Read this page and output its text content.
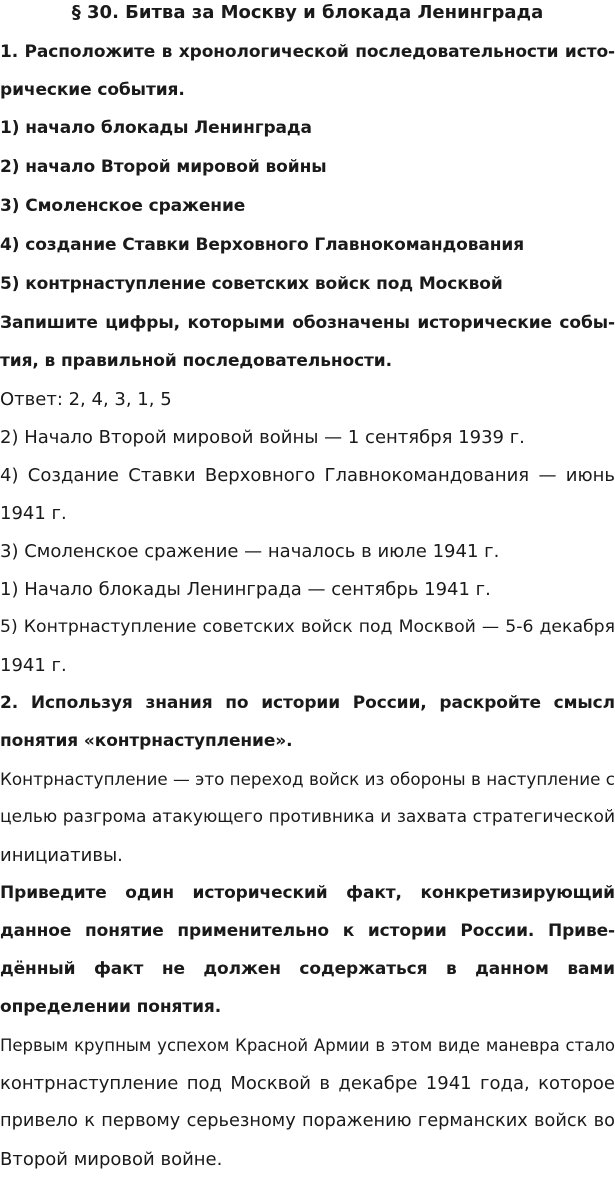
§ 30. Битва за Москву и блокада Ленинграда
1. Расположите в хронологической последовательности исто-
рические события.
1) начало блокады Ленинграда
2) начало Второй мировой войны
3) Смоленское сражение
4) создание Ставки Верховного Главнокомандования
5) контрнаступление советских войск под Москвой
Запишите цифры, которыми обозначены исторические собы-
тия, в правильной последовательности.
Ответ: 2, 4, 3, 1, 5
2) Начало Второй мировой войны — 1 сентября 1939 г.
4) Создание Ставки Верховного Главнокомандования — июнь
1941 г.
3) Смоленское сражение — началось в июле 1941 г.
1) Начало блокады Ленинграда — сентябрь 1941 г.
5) Контрнаступление советских войск под Москвой — 5-6 декабря
1941 г.
2. Используя знания по истории России, раскройте смысл
понятия «контрнаступление».
Контрнаступление — это переход войск из обороны в наступление с
целью разгрома атакующего противника и захвата стратегической
инициативы.
Приведите один исторический факт, конкретизирующий
данное понятие применительно к истории России. Приве-
дённый факт не должен содержаться в данном вами
определении понятия.
Первым крупным успехом Красной Армии в этом виде маневра стало
контрнаступление под Москвой в декабре 1941 года, которое
привело к первому серьезному поражению германских войск во
Второй мировой войне.
